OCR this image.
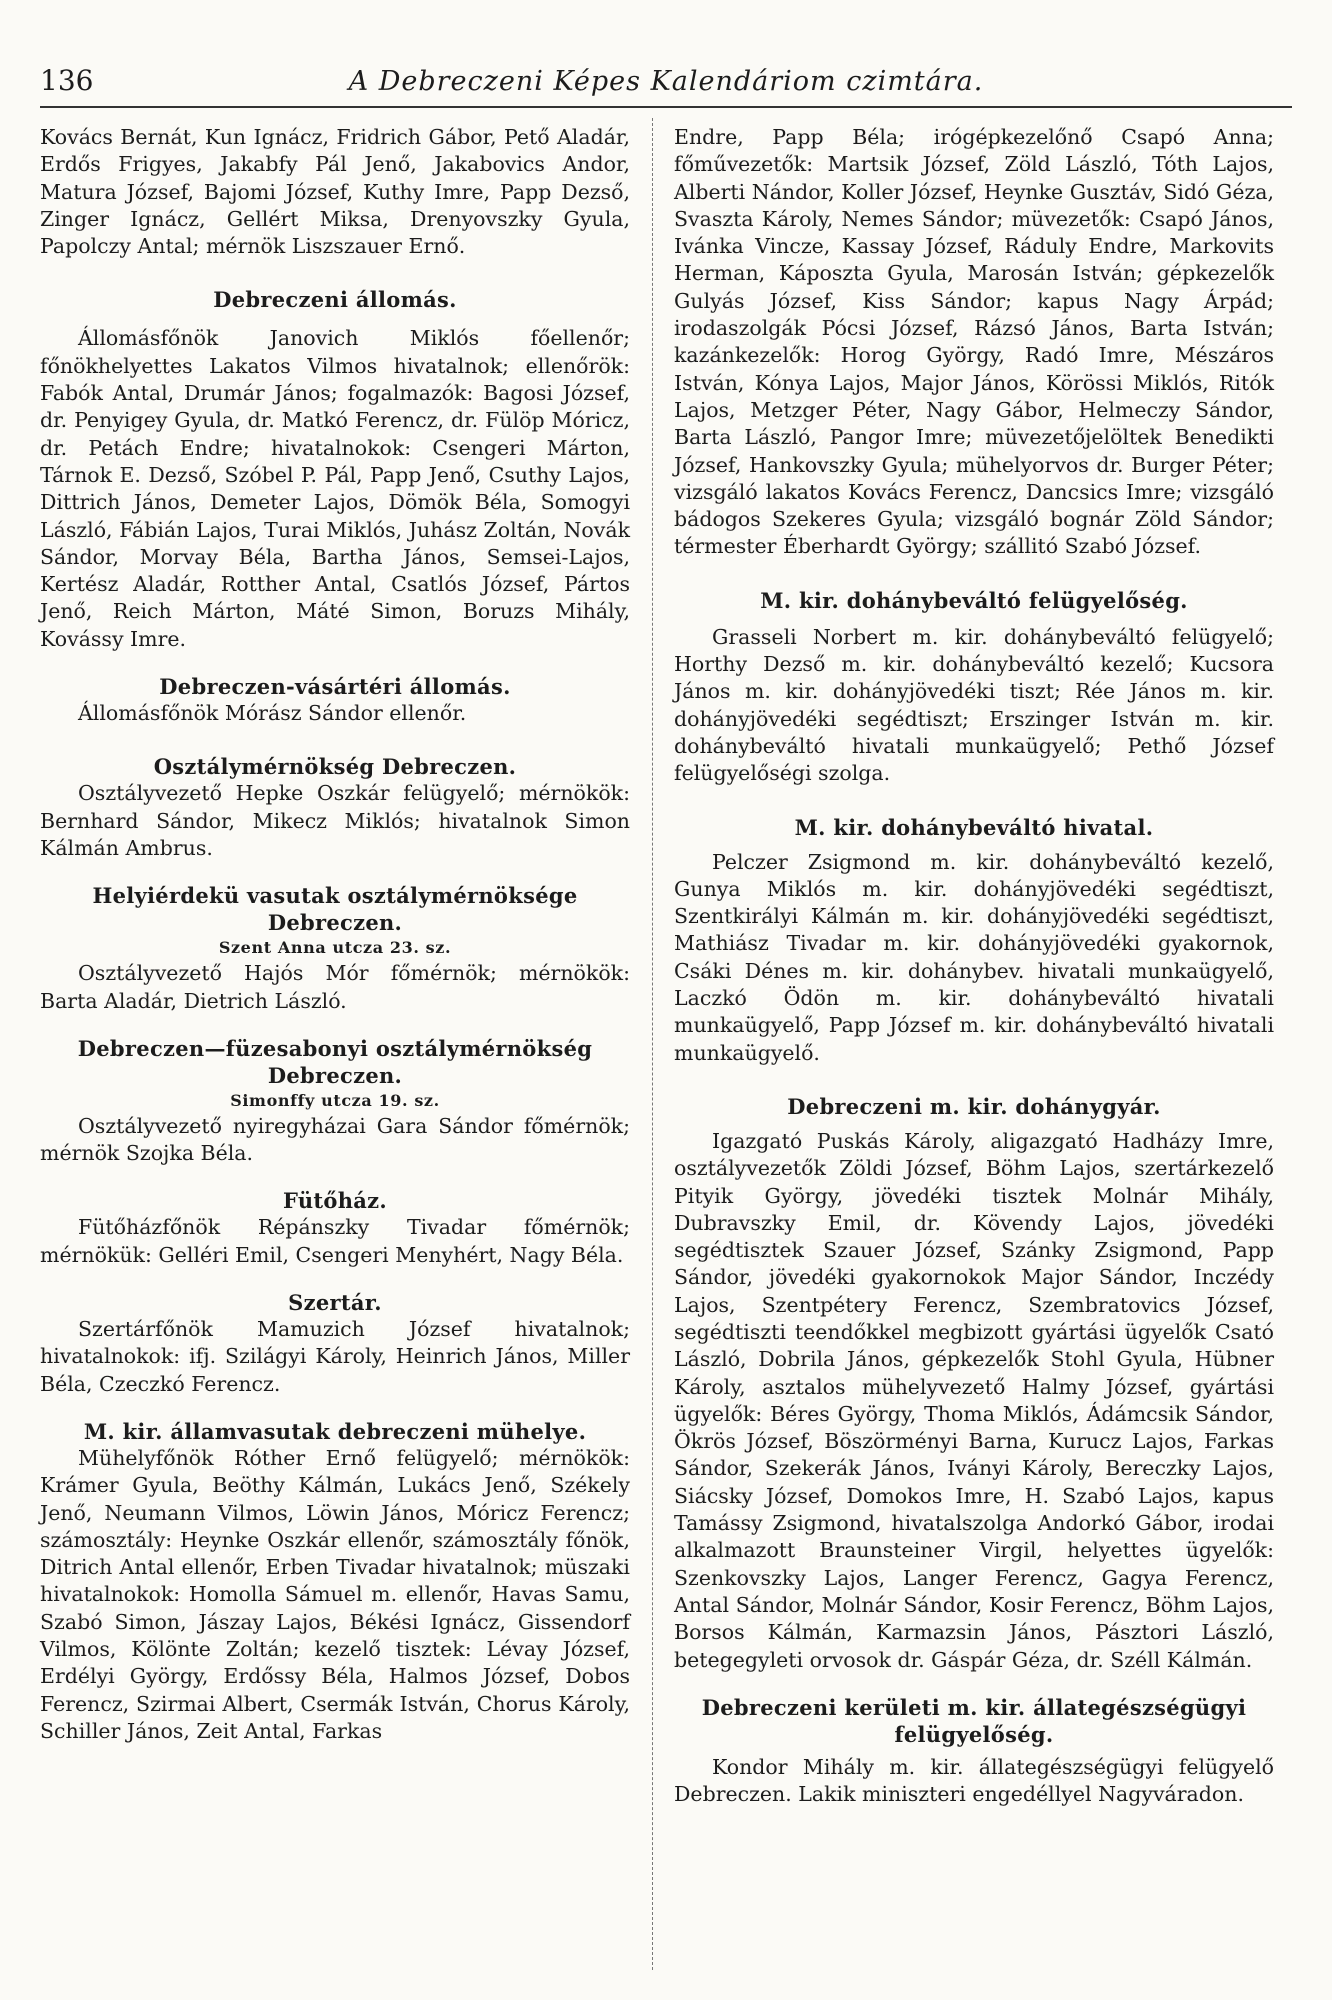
136	A Debreczeni Képes Kalendáriom czimtára.

Kovács Bernát, Kun Ignácz, Fridrich Gábor, Pető Aladár, Erdős Frigyes, Jakabfy Pál Jenő, Jakabovics Andor, Matura József, Bajomi József, Kuthy Imre, Papp Dezső, Zinger Ignácz, Gellért Miksa, Drenyovszky Gyula, Papolczy Antal; mérnök Liszszauer Ernő.

Debreczeni állomás.

Állomásfőnök Janovich Miklós főellenőr; főnökhelyettes Lakatos Vilmos hivatalnok; ellenőrök: Fabók Antal, Drumár János; fogalmazók: Bagosi József, dr. Penyigey Gyula, dr. Matkó Ferencz, dr. Fülöp Móricz, dr. Petách Endre; hivatalnokok: Csengeri Márton, Tárnok E. Dezső, Szóbel P. Pál, Papp Jenő, Csuthy Lajos, Dittrich János, Demeter Lajos, Dömök Béla, Somogyi László, Fábián Lajos, Turai Miklós, Juhász Zoltán, Novák Sándor, Morvay Béla, Bartha János, Semsei-Lajos, Kertész Aladár, Rotther Antal, Csatlós József, Pártos Jenő, Reich Márton, Máté Simon, Boruzs Mihály, Kovássy Imre.

Debreczen-vásártéri állomás.

Állomásfőnök Mórász Sándor ellenőr.

Osztálymérnökség Debreczen.

Osztályvezető Hepke Oszkár felügyelő; mérnökök: Bernhard Sándor, Mikecz Miklós; hivatalnok Simon Kálmán Ambrus.

Helyiérdekü vasutak osztálymérnöksége
Debreczen.
Szent Anna utcza 23. sz.

Osztályvezető Hajós Mór főmérnök; mérnökök: Barta Aladár, Dietrich László.

Debreczen—füzesabonyi osztálymérnökség
Debreczen.
Simonffy utcza 19. sz.

Osztályvezető nyiregyházai Gara Sándor főmérnök; mérnök Szojka Béla.

Fütőház.

Fütőházfőnök Répánszky Tivadar főmérnök; mérnökük: Gelléri Emil, Csengeri Menyhért, Nagy Béla.

Szertár.

Szertárfőnök Mamuzich József hivatalnok; hivatalnokok: ifj. Szilágyi Károly, Heinrich János, Miller Béla, Czeczkó Ferencz.

M. kir. államvasutak debreczeni mühelye.

Mühelyfőnök Róther Ernő felügyelő; mérnökök: Krámer Gyula, Beöthy Kálmán, Lukács Jenő, Székely Jenő, Neumann Vilmos, Löwin János, Móricz Ferencz; számosztály: Heynke Oszkár ellenőr, számosztály főnök, Ditrich Antal ellenőr, Erben Tivadar hivatalnok; müszaki hivatalnokok: Homolla Sámuel m. ellenőr, Havas Samu, Szabó Simon, Jászay Lajos, Békési Ignácz, Gissendorf Vilmos, Kölönte Zoltán; kezelő tisztek: Lévay József, Erdélyi György, Erdőssy Béla, Halmos József, Dobos Ferencz, Szirmai Albert, Csermák István, Chorus Károly, Schiller János, Zeit Antal, Farkas

Endre, Papp Béla; irógépkezelőnő Csapó Anna; főművezetők: Martsik József, Zöld László, Tóth Lajos, Alberti Nándor, Koller József, Heynke Gusztáv, Sidó Géza, Svaszta Károly, Nemes Sándor; müvezetők: Csapó János, Ivánka Vincze, Kassay József, Ráduly Endre, Markovits Herman, Káposzta Gyula, Marosán István; gépkezelők Gulyás József, Kiss Sándor; kapus Nagy Árpád; irodaszolgák Pócsi József, Rázsó János, Barta István; kazánkezelők: Horog György, Radó Imre, Mészáros István, Kónya Lajos, Major János, Körössi Miklós, Ritók Lajos, Metzger Péter, Nagy Gábor, Helmeczy Sándor, Barta László, Pangor Imre; müvezetőjelöltek Benedikti József, Hankovszky Gyula; mühelyorvos dr. Burger Péter; vizsgáló lakatos Kovács Ferencz, Dancsics Imre; vizsgáló bádogos Szekeres Gyula; vizsgáló bognár Zöld Sándor; térmester Éberhardt György; szállitó Szabó József.

M. kir. dohánybeváltó felügyelőség.

Grasseli Norbert m. kir. dohánybeváltó felügyelő; Horthy Dezső m. kir. dohánybeváltó kezelő; Kucsora János m. kir. dohányjövedéki tiszt; Rée János m. kir. dohányjövedéki segédtiszt; Erszinger István m. kir. dohánybeváltó hivatali munkaügyelő; Pethő József felügyelőségi szolga.

M. kir. dohánybeváltó hivatal.

Pelczer Zsigmond m. kir. dohánybeváltó kezelő, Gunya Miklós m. kir. dohányjövedéki segédtiszt, Szentkirályi Kálmán m. kir. dohányjövedéki segédtiszt, Mathiász Tivadar m. kir. dohányjövedéki gyakornok, Csáki Dénes m. kir. dohánybev. hivatali munkaügyelő, Laczkó Ödön m. kir. dohánybeváltó hivatali munkaügyelő, Papp József m. kir. dohánybeváltó hivatali munkaügyelő.

Debreczeni m. kir. dohánygyár.

Igazgató Puskás Károly, aligazgató Hadházy Imre, osztályvezetők Zöldi József, Böhm Lajos, szertárkezelő Pityik György, jövedéki tisztek Molnár Mihály, Dubravszky Emil, dr. Kövendy Lajos, jövedéki segédtisztek Szauer József, Szánky Zsigmond, Papp Sándor, jövedéki gyakornokok Major Sándor, Inczédy Lajos, Szentpétery Ferencz, Szembratovics József, segédtiszti teendőkkel megbizott gyártási ügyelők Csató László, Dobrila János, gépkezelők Stohl Gyula, Hübner Károly, asztalos mühelyvezető Halmy József, gyártási ügyelők: Béres György, Thoma Miklós, Ádámcsik Sándor, Ökrös József, Böszörményi Barna, Kurucz Lajos, Farkas Sándor, Szekerák János, Iványi Károly, Bereczky Lajos, Siácsky József, Domokos Imre, H. Szabó Lajos, kapus Tamássy Zsigmond, hivatalszolga Andorkó Gábor, irodai alkalmazott Braunsteiner Virgil, helyettes ügyelők: Szenkovszky Lajos, Langer Ferencz, Gagya Ferencz, Antal Sándor, Molnár Sándor, Kosir Ferencz, Böhm Lajos, Borsos Kálmán, Karmazsin János, Pásztori László, betegegyleti orvosok dr. Gáspár Géza, dr. Széll Kálmán.

Debreczeni kerületi m. kir. állategészségügyi
felügyelőség.

Kondor Mihály m. kir. állategészségügyi felügyelő Debreczen. Lakik miniszteri engedéllyel Nagyváradon.
